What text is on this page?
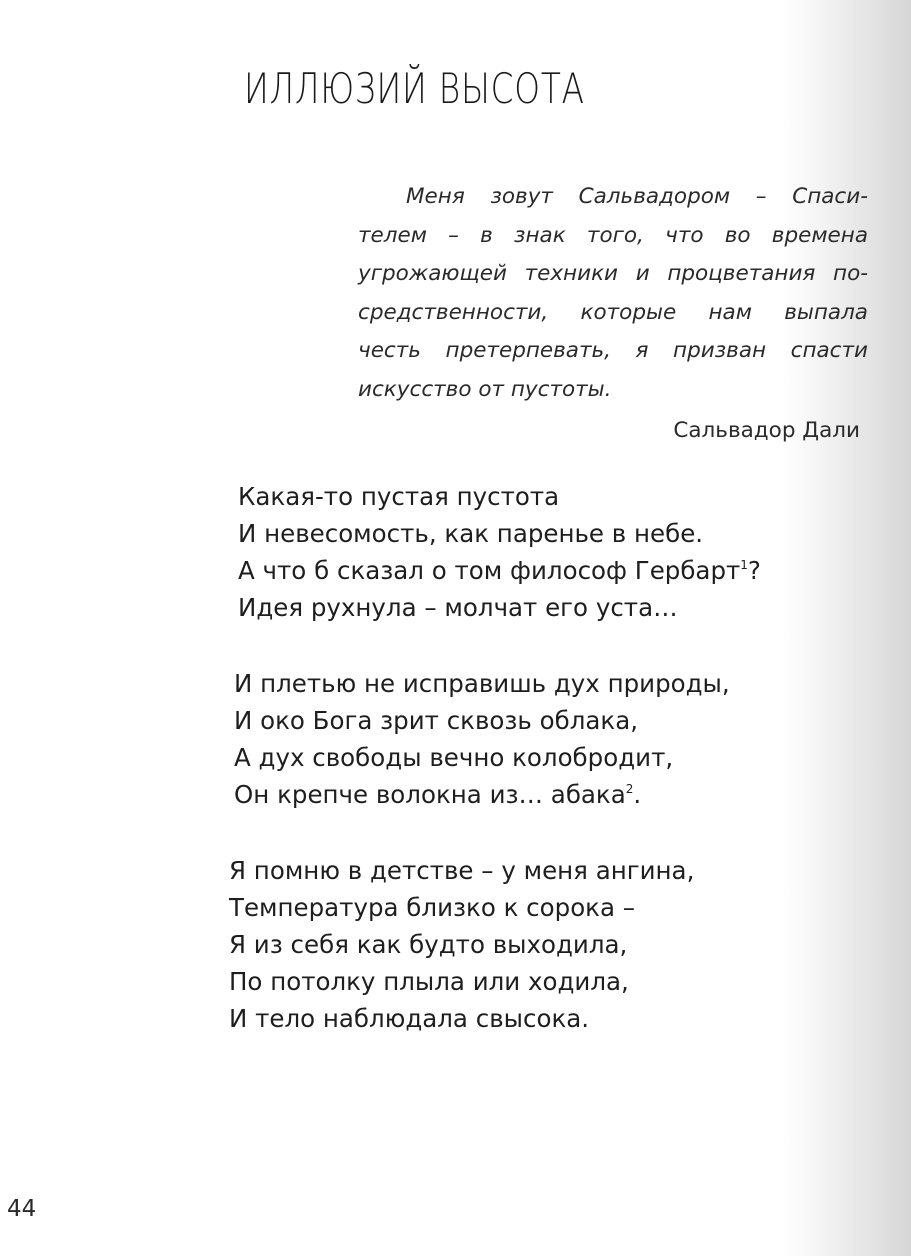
ИЛЛЮЗИЙ ВЫСОТА
Меня зовут Сальвадором – Спаси-
телем – в знак того, что во времена
угрожающей техники и процветания по-
средственности, которые нам выпала
честь претерпевать, я призван спасти
искусство от пустоты.
Сальвадор Дали
Какая-то пустая пустота
И невесомость, как паренье в небе.
А что б сказал о том философ Гербарт$^1$?
Идея рухнула – молчат его уста…
И плетью не исправишь дух природы,
И око Бога зрит сквозь облака,
А дух свободы вечно колобродит,
Он крепче волокна из… абака$^2$.
Я помню в детстве – у меня ангина,
Температура близко к сорока –
Я из себя как будто выходила,
По потолку плыла или ходила,
И тело наблюдала свысока.
44
